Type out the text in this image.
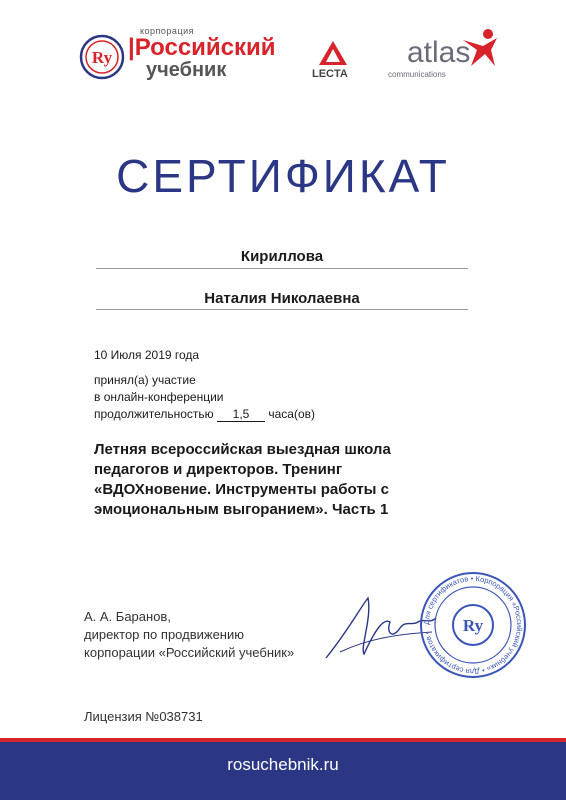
Ry
корпорация
|Российский
учебник	LECTA
atlas
communications
СЕРТИФИКАТ
Кириллова
Наталия Николаевна
10 Июля 2019 года
принял(а) участие
в онлайн-конференции
продолжительностью 1,5 часа(ов)
Летняя всероссийская выездная школа педагогов и директоров. Тренинг «ВДОХновение. Инструменты работы с эмоциональным выгоранием». Часть 1
А. А. Баранов,
директор по продвижению
корпорации «Российский учебник»
Для сертификатов • Корпорация «Российский учебник» • Для сертификатов •	Ry
Лицензия №038731
rosuchebnik.ru
